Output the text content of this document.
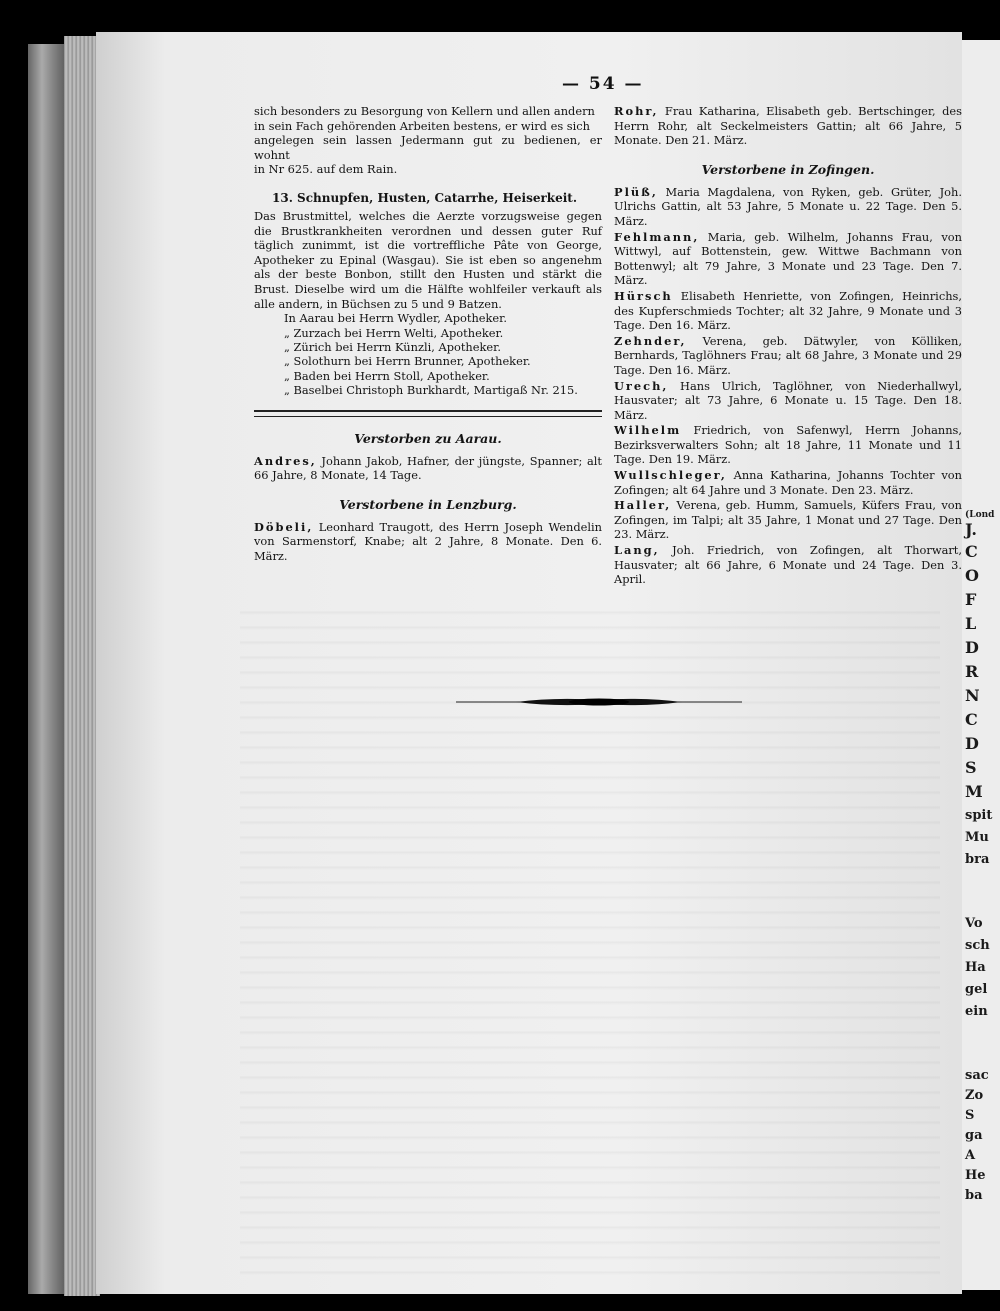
— 54 —

sich besonders zu Besorgung von Kellern und allen andern

in sein Fach gehörenden Arbeiten bestens, er wird es sich

angelegen sein lassen Jedermann gut zu bedienen, er wohnt

in Nr 625. auf dem Rain.

13. Schnupfen, Husten, Catarrhe, Heiserkeit.

Das Brustmittel, welches die Aerzte vorzugsweise gegen die Brustkrankheiten verordnen und dessen guter Ruf täglich zunimmt, ist die vortreffliche Pâte von George, Apotheker zu Epinal (Wasgau). Sie ist eben so angenehm als der beste Bonbon, stillt den Husten und stärkt die Brust. Dieselbe wird um die Hälfte wohlfeiler verkauft als alle andern, in Büchsen zu 5 und 9 Batzen.

In Aarau bei Herrn Wydler, Apotheker.

„ Zurzach bei Herrn Welti, Apotheker.

„ Zürich bei Herrn Künzli, Apotheker.

„ Solothurn bei Herrn Brunner, Apotheker.

„ Baden bei Herrn Stoll, Apotheker.

„ Baselbei Christoph Burkhardt, Martigaß Nr. 215.

Verstorben zu Aarau.
Andres, Johann Jakob, Hafner, der jüngste, Spanner; alt 66 Jahre, 8 Monate, 14 Tage.
Verstorbene in Lenzburg.
Döbeli, Leonhard Traugott, des Herrn Joseph Wendelin von Sarmenstorf, Knabe; alt 2 Jahre, 8 Monate. Den 6. März.
Rohr, Frau Katharina, Elisabeth geb. Bertschinger, des Herrn Rohr, alt Seckelmeisters Gattin; alt 66 Jahre, 5 Monate. Den 21. März.
Verstorbene in Zofingen.
Plüß, Maria Magdalena, von Ryken, geb. Grüter, Joh. Ulrichs Gattin, alt 53 Jahre, 5 Monate u. 22 Tage. Den 5. März.
Fehlmann, Maria, geb. Wilhelm, Johanns Frau, von Wittwyl, auf Bottenstein, gew. Wittwe Bachmann von Bottenwyl; alt 79 Jahre, 3 Monate und 23 Tage. Den 7. März.
Hürsch Elisabeth Henriette, von Zofingen, Heinrichs, des Kupferschmieds Tochter; alt 32 Jahre, 9 Monate und 3 Tage. Den 16. März.
Zehnder, Verena, geb. Dätwyler, von Kölliken, Bernhards, Taglöhners Frau; alt 68 Jahre, 3 Monate und 29 Tage. Den 16. März.
Urech, Hans Ulrich, Taglöhner, von Niederhallwyl, Hausvater; alt 73 Jahre, 6 Monate u. 15 Tage. Den 18. März.
Wilhelm Friedrich, von Safenwyl, Herrn Johanns, Bezirksverwalters Sohn; alt 18 Jahre, 11 Monate und 11 Tage. Den 19. März.
Wullschleger, Anna Katharina, Johanns Tochter von Zofingen; alt 64 Jahre und 3 Monate. Den 23. März.
Haller, Verena, geb. Humm, Samuels, Küfers Frau, von Zofingen, im Talpi; alt 35 Jahre, 1 Monat und 27 Tage. Den 23. März.
Lang, Joh. Friedrich, von Zofingen, alt Thorwart, Hausvater; alt 66 Jahre, 6 Monate und 24 Tage. Den 3. April.
(Lond
J.
C
O
F
L
D
R
N
C
D
S
M
spit
Mu
bra
Vo
sch
Ha
gel
ein
sac
Zo
S
ga
A
He
ba
